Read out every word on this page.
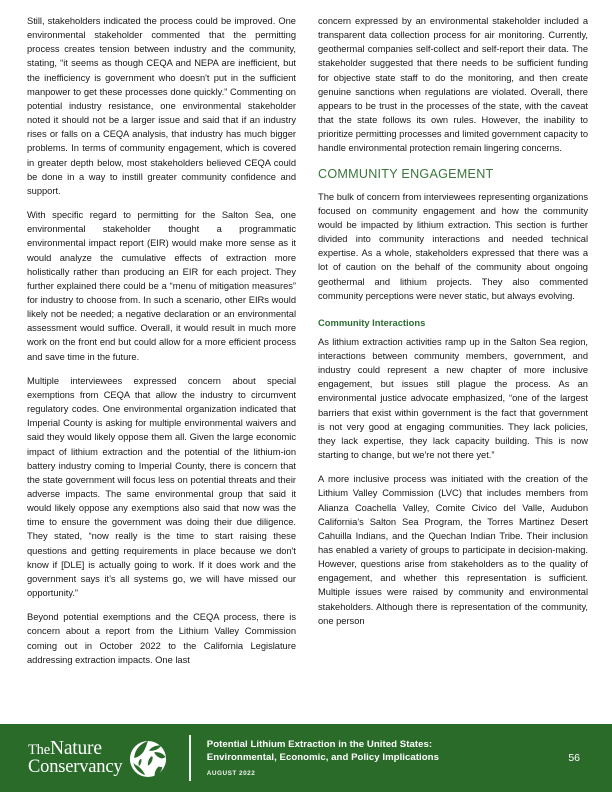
Still, stakeholders indicated the process could be improved. One environmental stakeholder commented that the permitting process creates tension between industry and the community, stating, “it seems as though CEQA and NEPA are inefficient, but the inefficiency is government who doesn't put in the sufficient manpower to get these processes done quickly.” Commenting on potential industry resistance, one environmental stakeholder noted it should not be a larger issue and said that if an industry rises or falls on a CEQA analysis, that industry has much bigger problems. In terms of community engagement, which is covered in greater depth below, most stakeholders believed CEQA could be done in a way to instill greater community confidence and support.

With specific regard to permitting for the Salton Sea, one environmental stakeholder thought a programmatic environmental impact report (EIR) would make more sense as it would analyze the cumulative effects of extraction more holistically rather than producing an EIR for each project. They further explained there could be a “menu of mitigation measures” for industry to choose from. In such a scenario, other EIRs would likely not be needed; a negative declaration or an environmental assessment would suffice. Overall, it would result in much more work on the front end but could allow for a more efficient process and save time in the future.

Multiple interviewees expressed concern about special exemptions from CEQA that allow the industry to circumvent regulatory codes. One environmental organization indicated that Imperial County is asking for multiple environmental waivers and said they would likely oppose them all. Given the large economic impact of lithium extraction and the potential of the lithium-ion battery industry coming to Imperial County, there is concern that the state government will focus less on potential threats and their adverse impacts. The same environmental group that said it would likely oppose any exemptions also said that now was the time to ensure the government was doing their due diligence. They stated, “now really is the time to start raising these questions and getting requirements in place because we don't know if [DLE] is actually going to work. If it does work and the government says it’s all systems go, we will have missed our opportunity.”

Beyond potential exemptions and the CEQA process, there is concern about a report from the Lithium Valley Commission coming out in October 2022 to the California Legislature addressing extraction impacts. One last

concern expressed by an environmental stakeholder included a transparent data collection process for air monitoring. Currently, geothermal companies self-collect and self-report their data. The stakeholder suggested that there needs to be sufficient funding for objective state staff to do the monitoring, and then create genuine sanctions when regulations are violated. Overall, there appears to be trust in the processes of the state, with the caveat that the state follows its own rules. However, the inability to prioritize permitting processes and limited government capacity to handle environmental protection remain lingering concerns.

COMMUNITY ENGAGEMENT

The bulk of concern from interviewees representing organizations focused on community engagement and how the community would be impacted by lithium extraction. This section is further divided into community interactions and needed technical expertise. As a whole, stakeholders expressed that there was a lot of caution on the behalf of the community about ongoing geothermal and lithium projects. They also commented community perceptions were never static, but always evolving.

Community Interactions

As lithium extraction activities ramp up in the Salton Sea region, interactions between community members, government, and industry could represent a new chapter of more inclusive engagement, but issues still plague the process. As an environmental justice advocate emphasized, “one of the largest barriers that exist within government is the fact that government is not very good at engaging communities. They lack policies, they lack expertise, they lack capacity building. This is now starting to change, but we're not there yet.”

A more inclusive process was initiated with the creation of the Lithium Valley Commission (LVC) that includes members from Alianza Coachella Valley, Comite Civico del Valle, Audubon California’s Salton Sea Program, the Torres Martinez Desert Cahuilla Indians, and the Quechan Indian Tribe. Their inclusion has enabled a variety of groups to participate in decision-making. However, questions arise from stakeholders as to the quality of engagement, and whether this representation is sufficient. Multiple issues were raised by community and environmental stakeholders. Although there is representation of the community, one person

TheNature
Conservancy
Potential Lithium Extraction in the United States:
Environmental, Economic, and Policy Implications
AUGUST 2022
56
